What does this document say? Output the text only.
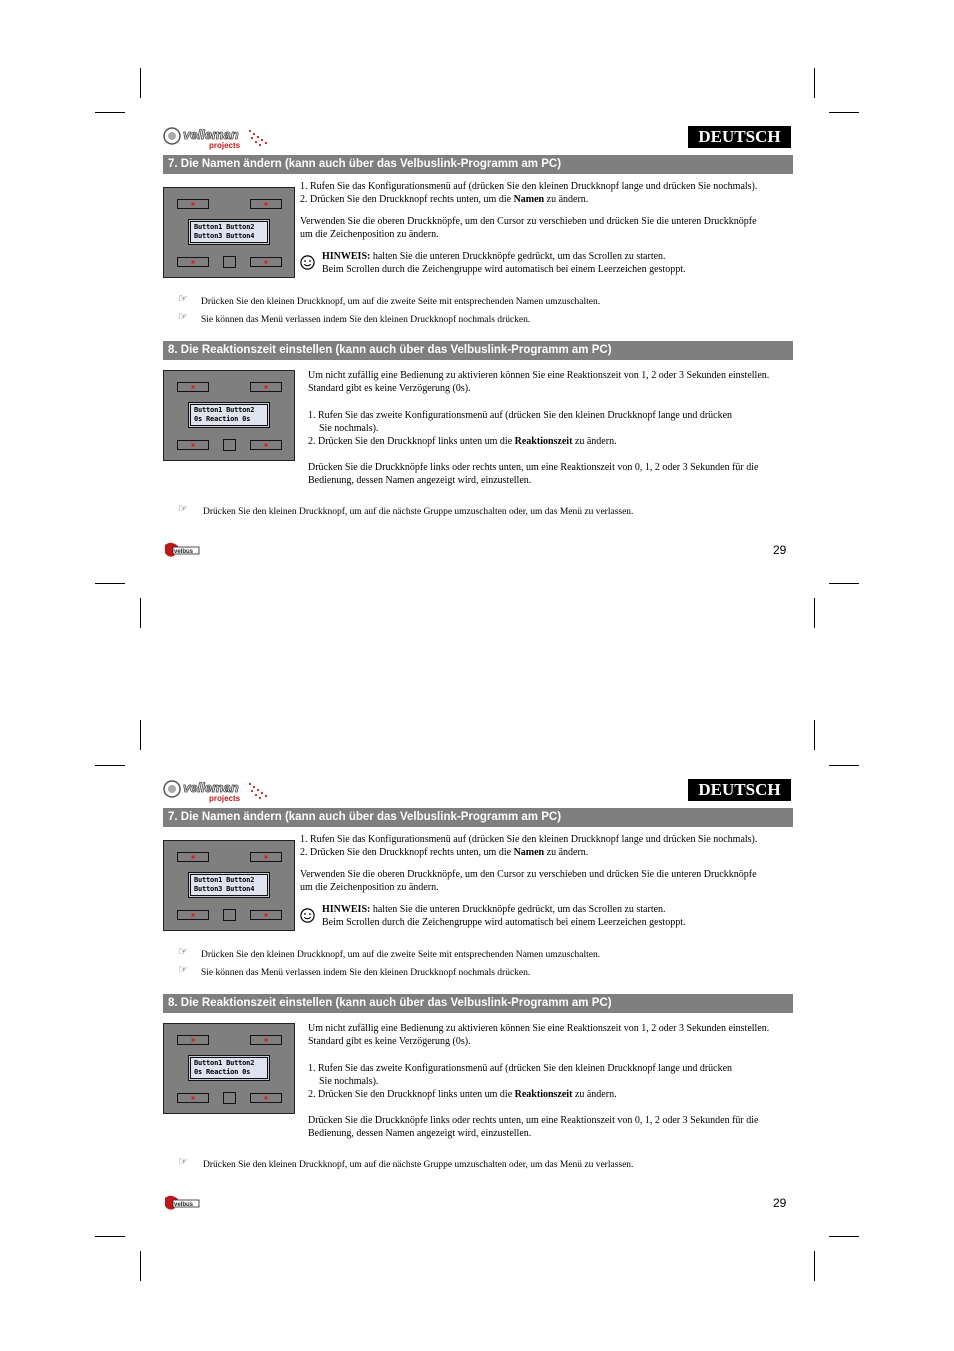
velleman
projects	DEUTSCH
7. Die Namen ändern (kann auch über das Velbuslink-Programm am PC)
Button1 Button2
Button3 Button4

1. Rufen Sie das Konfigurationsmenü auf (drücken Sie den kleinen Druckknopf lange und drücken Sie nochmals).

2. Drücken Sie den Druckknopf rechts unten, um die Namen zu ändern.

Verwenden Sie die oberen Druckknöpfe, um den Cursor zu verschieben und drücken Sie die unteren Druckknöpfe um die Zeichenposition zu ändern.

HINWEIS: halten Sie die unteren Druckknöpfe gedrückt, um das Scrollen zu starten.

Beim Scrollen durch die Zeichengruppe wird automatisch bei einem Leerzeichen gestoppt.

☞ Drücken Sie den kleinen Druckknopf, um auf die zweite Seite mit entsprechenden Namen umzuschalten.
☞ Sie können das Menü verlassen indem Sie den kleinen Druckknopf nochmals drücken.
8. Die Reaktionszeit einstellen (kann auch über das Velbuslink-Programm am PC)
Button1 Button2
0s Reaction 0s
Um nicht zufällig eine Bedienung zu aktivieren können Sie eine Reaktionszeit von 1, 2 oder 3 Sekunden einstellen. Standard gibt es keine Verzögerung (0s).

1. Rufen Sie das zweite Konfigurationsmenü auf (drücken Sie den kleinen Druckknopf lange und drücken

Sie nochmals).

2. Drücken Sie den Druckknopf links unten um die Reaktionszeit zu ändern.

Drücken Sie die Druckknöpfe links oder rechts unten, um eine Reaktionszeit von 0, 1, 2 oder 3 Sekunden für die Bedienung, dessen Namen angezeigt wird, einzustellen.
☞ Drücken Sie den kleinen Druckknopf, um auf die nächste Gruppe umzuschalten oder, um das Menü zu verlassen.
velbus	29
velleman
projects	DEUTSCH
7. Die Namen ändern (kann auch über das Velbuslink-Programm am PC)
Button1 Button2
Button3 Button4

1. Rufen Sie das Konfigurationsmenü auf (drücken Sie den kleinen Druckknopf lange und drücken Sie nochmals).

2. Drücken Sie den Druckknopf rechts unten, um die Namen zu ändern.

Verwenden Sie die oberen Druckknöpfe, um den Cursor zu verschieben und drücken Sie die unteren Druckknöpfe um die Zeichenposition zu ändern.

HINWEIS: halten Sie die unteren Druckknöpfe gedrückt, um das Scrollen zu starten.

Beim Scrollen durch die Zeichengruppe wird automatisch bei einem Leerzeichen gestoppt.

☞ Drücken Sie den kleinen Druckknopf, um auf die zweite Seite mit entsprechenden Namen umzuschalten.
☞ Sie können das Menü verlassen indem Sie den kleinen Druckknopf nochmals drücken.
8. Die Reaktionszeit einstellen (kann auch über das Velbuslink-Programm am PC)
Button1 Button2
0s Reaction 0s
Um nicht zufällig eine Bedienung zu aktivieren können Sie eine Reaktionszeit von 1, 2 oder 3 Sekunden einstellen. Standard gibt es keine Verzögerung (0s).

1. Rufen Sie das zweite Konfigurationsmenü auf (drücken Sie den kleinen Druckknopf lange und drücken

Sie nochmals).

2. Drücken Sie den Druckknopf links unten um die Reaktionszeit zu ändern.

Drücken Sie die Druckknöpfe links oder rechts unten, um eine Reaktionszeit von 0, 1, 2 oder 3 Sekunden für die Bedienung, dessen Namen angezeigt wird, einzustellen.
☞ Drücken Sie den kleinen Druckknopf, um auf die nächste Gruppe umzuschalten oder, um das Menü zu verlassen.
velbus	29
